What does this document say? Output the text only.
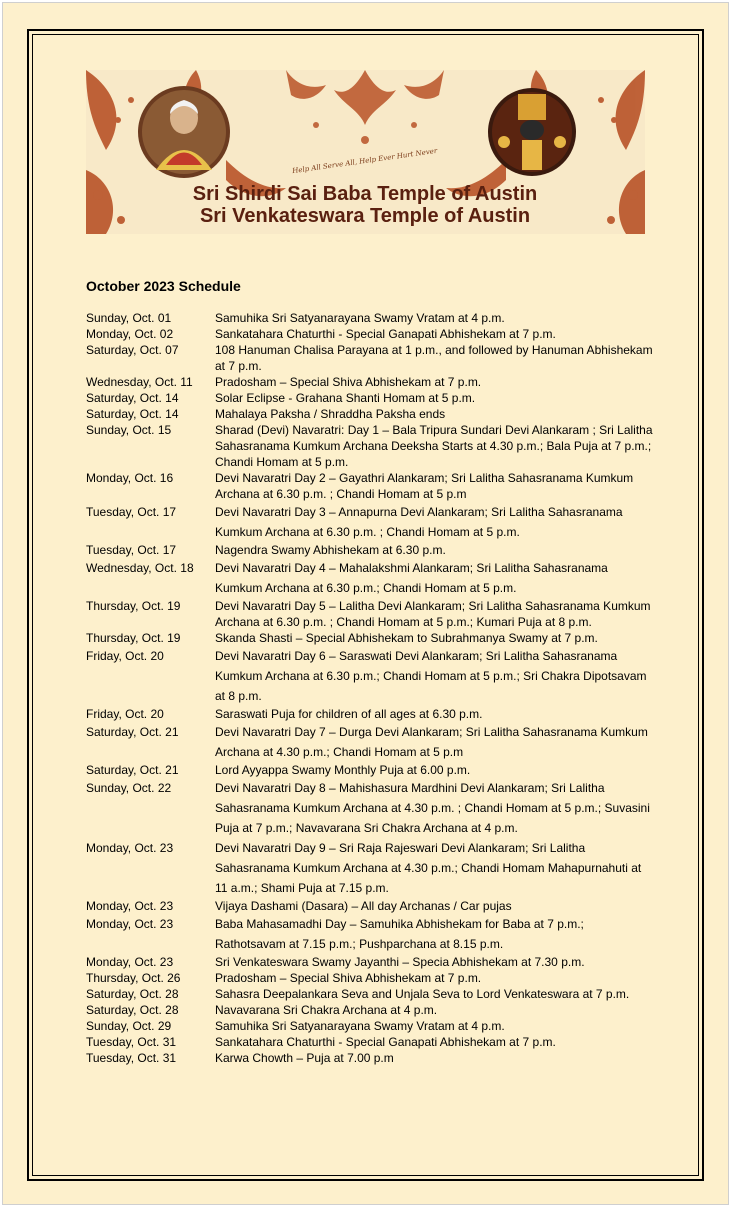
Help All Serve All, Help Ever Hurt Never
Sri Shirdi Sai Baba Temple of Austin
Sri Venkateswara Temple of Austin
October 2023 Schedule
Sunday, Oct. 01	Samuhika Sri Satyanarayana Swamy Vratam at 4 p.m.
Monday, Oct. 02	Sankatahara Chaturthi - Special Ganapati Abhishekam at 7 p.m.
Saturday, Oct. 07	108 Hanuman Chalisa Parayana at 1 p.m., and followed by Hanuman Abhishekam at 7 p.m.
Wednesday, Oct. 11	Pradosham – Special Shiva Abhishekam at 7 p.m.
Saturday, Oct. 14	Solar Eclipse - Grahana Shanti Homam at 5 p.m.
Saturday, Oct. 14	Mahalaya Paksha / Shraddha Paksha ends
Sunday, Oct. 15	Sharad (Devi) Navaratri: Day 1 – Bala Tripura Sundari Devi Alankaram ; Sri Lalitha Sahasranama Kumkum Archana Deeksha Starts at 4.30 p.m.; Bala Puja at 7 p.m.; Chandi Homam at 5 p.m.
Monday, Oct. 16	Devi Navaratri Day 2 – Gayathri Alankaram; Sri Lalitha Sahasranama Kumkum Archana at 6.30 p.m. ; Chandi Homam at 5 p.m
Tuesday, Oct. 17	Devi Navaratri Day 3 – Annapurna Devi Alankaram; Sri Lalitha Sahasranama Kumkum Archana at 6.30 p.m. ; Chandi Homam at 5 p.m.
Tuesday, Oct. 17	Nagendra Swamy Abhishekam at 6.30 p.m.
Wednesday, Oct. 18	Devi Navaratri Day 4 – Mahalakshmi Alankaram; Sri Lalitha Sahasranama Kumkum Archana at 6.30 p.m.; Chandi Homam at 5 p.m.
Thursday, Oct. 19	Devi Navaratri Day 5 – Lalitha Devi Alankaram; Sri Lalitha Sahasranama Kumkum Archana at 6.30 p.m. ; Chandi Homam at 5 p.m.; Kumari Puja at 8 p.m.
Thursday, Oct. 19	Skanda Shasti – Special Abhishekam to Subrahmanya Swamy at 7 p.m.
Friday, Oct. 20	Devi Navaratri Day 6 – Saraswati Devi Alankaram; Sri Lalitha Sahasranama Kumkum Archana at 6.30 p.m.; Chandi Homam at 5 p.m.; Sri Chakra Dipotsavam at 8 p.m.
Friday, Oct. 20	Saraswati Puja for children of all ages at 6.30 p.m.
Saturday, Oct. 21	Devi Navaratri Day 7 – Durga Devi Alankaram; Sri Lalitha Sahasranama Kumkum Archana at 4.30 p.m.; Chandi Homam at 5 p.m
Saturday, Oct. 21	Lord Ayyappa Swamy Monthly Puja at 6.00 p.m.
Sunday, Oct. 22	Devi Navaratri Day 8 – Mahishasura Mardhini Devi Alankaram; Sri Lalitha Sahasranama Kumkum Archana at 4.30 p.m. ; Chandi Homam at 5 p.m.; Suvasini Puja at 7 p.m.; Navavarana Sri Chakra Archana at 4 p.m.
Monday, Oct. 23	Devi Navaratri Day 9 – Sri Raja Rajeswari Devi Alankaram; Sri Lalitha Sahasranama Kumkum Archana at 4.30 p.m.; Chandi Homam Mahapurnahuti at 11 a.m.; Shami Puja at 7.15 p.m.
Monday, Oct. 23	Vijaya Dashami (Dasara) – All day Archanas / Car pujas
Monday, Oct. 23	Baba Mahasamadhi Day – Samuhika Abhishekam for Baba at 7 p.m.; Rathotsavam at 7.15 p.m.; Pushparchana at 8.15 p.m.
Monday, Oct. 23	Sri Venkateswara Swamy Jayanthi – Specia Abhishekam at 7.30 p.m.
Thursday, Oct. 26	Pradosham – Special Shiva Abhishekam at 7 p.m.
Saturday, Oct. 28	Sahasra Deepalankara Seva and Unjala Seva to Lord Venkateswara at 7 p.m.
Saturday, Oct. 28	Navavarana Sri Chakra Archana at 4 p.m.
Sunday, Oct. 29	Samuhika Sri Satyanarayana Swamy Vratam at 4 p.m.
Tuesday, Oct. 31	Sankatahara Chaturthi - Special Ganapati Abhishekam at 7 p.m.
Tuesday, Oct. 31	Karwa Chowth – Puja at 7.00 p.m
